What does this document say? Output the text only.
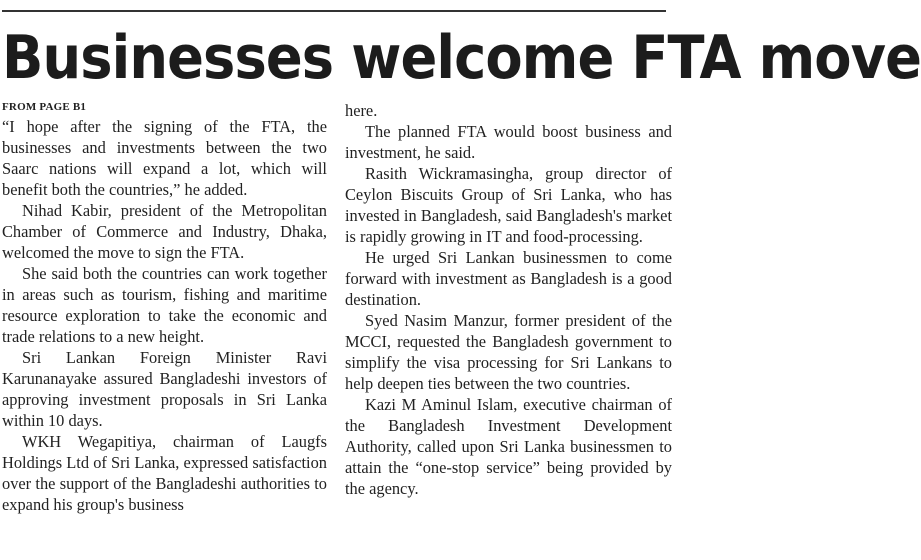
Businesses welcome FTA move
FROM PAGE B1

“I hope after the signing of the FTA, the businesses and investments between the two Saarc nations will expand a lot, which will benefit both the countries,” he added.

Nihad Kabir, president of the Metropolitan Chamber of Commerce and Industry, Dhaka, welcomed the move to sign the FTA.

She said both the countries can work together in areas such as tourism, fishing and maritime resource exploration to take the economic and trade relations to a new height.

Sri Lankan Foreign Minister Ravi Karunanayake assured Bangladeshi investors of approving investment proposals in Sri Lanka within 10 days.

WKH Wegapitiya, chairman of Laugfs Holdings Ltd of Sri Lanka, expressed satisfaction over the support of the Bangladeshi authorities to expand his group's business

here.

The planned FTA would boost business and investment, he said.

Rasith Wickramasingha, group director of Ceylon Biscuits Group of Sri Lanka, who has invested in Bangladesh, said Bangladesh's market is rapidly growing in IT and food-processing.

He urged Sri Lankan businessmen to come forward with investment as Bangladesh is a good destination.

Syed Nasim Manzur, former president of the MCCI, requested the Bangladesh government to simplify the visa processing for Sri Lankans to help deepen ties between the two countries.

Kazi M Aminul Islam, executive chairman of the Bangladesh Investment Development Authority, called upon Sri Lanka businessmen to attain the “one-stop service” being provided by the agency.
